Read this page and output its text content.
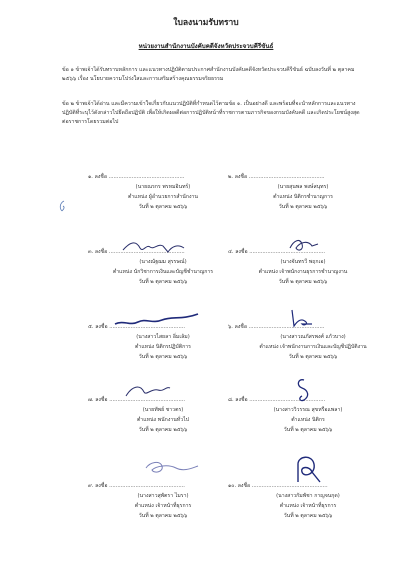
ใบลงนามรับทราบ
หน่วยงานสำนักงานบังคับคดีจังหวัดประจวบคีรีขันธ์

ข้อ ๑ ข้าพเจ้าได้รับทราบหลักการ และแนวทางปฏิบัติตามประกาศสำนักงานบังคับคดีจังหวัดประจวบคีรีขันธ์ ฉบับลงวันที่ ๒ ตุลาคม ๒๕๖๖ เรื่อง นโยบายความโปร่งใสและการเสริมสร้างคุณธรรมจริยธรรม

ข้อ ๒ ข้าพเจ้าได้อ่าน และมีความเข้าใจเกี่ยวกับแนวปฏิบัติที่กำหนดไว้ตามข้อ ๑. เป็นอย่างดี และพร้อมที่จะนำหลักการและแนวทางปฏิบัติที่ระบุไว้ดังกล่าวไปยึดถือปฏิบัติ เพื่อให้เกิดผลดีต่อการปฏิบัติหน้าที่ราชการตามภารกิจของกรมบังคับคดี และเกิดประโยชน์สูงสุดต่อราชการโดยรวมต่อไป

๑. ลงชื่อ ..............................................
(นายณรกร พรหมอินทร์)
ตำแหน่ง ผู้อำนวยการสำนักงาน
วันที่ ๒ ตุลาคม ๒๕๖๖
๒. ลงชื่อ ..............................................
(นายสุนพล พงษ์สนุทร)
ตำแหน่ง นิติกรชำนาญการ
วันที่ ๒ ตุลาคม ๒๕๖๖
๓. ลงชื่อ ..............................................
(นางณัฐฌม สุรรษณ์)
ตำแหน่ง นักวิชาการเงินและบัญชีชำนาญการ
วันที่ ๒ ตุลาคม ๒๕๖๖
๔. ลงชื่อ ..............................................
(นางจันทรวี พฤกเอ)
ตำแหน่ง เจ้าพนักงานธุรการชำนาญงาน
วันที่ ๒ ตุลาคม ๒๕๖๖
๕. ลงชื่อ ..............................................
(นางสาวไสยลา อิ่มเล้ม)
ตำแหน่ง นิติกรปฏิบัติการ
วันที่ ๒ ตุลาคม ๒๕๖๖
๖. ลงชื่อ ..............................................
(นางสาวณภัสรพงศ์ แก้วบาง)
ตำแหน่ง เจ้าพนักงานการเงินและบัญชีปฏิบัติงาน
วันที่ ๒ ตุลาคม ๒๕๖๖
๗. ลงชื่อ ..............................................
(นายทัพย์ ชาวตร)
ตำแหน่ง พนักงานทั่วไป
วันที่ ๒ ตุลาคม ๒๕๖๖
๘. ลงชื่อ ..............................................
(นางสาววิวรรณ สุขหรือแพลา)
ตำแหน่ง นิติกร
วันที่ ๒ ตุลาคม ๒๕๖๖
๙. ลงชื่อ ..............................................
(นางสาวสุพัตรา ไมรา)
ตำแหน่ง เจ้าหน้าที่ธุรการ
วันที่ ๒ ตุลาคม ๒๕๖๖
๑๐. ลงชื่อ ..............................................
(นางสาวกัมพัชา กาญจนกุด)
ตำแหน่ง เจ้าหน้าที่ธุรการ
วันที่ ๒ ตุลาคม ๒๕๖๖
